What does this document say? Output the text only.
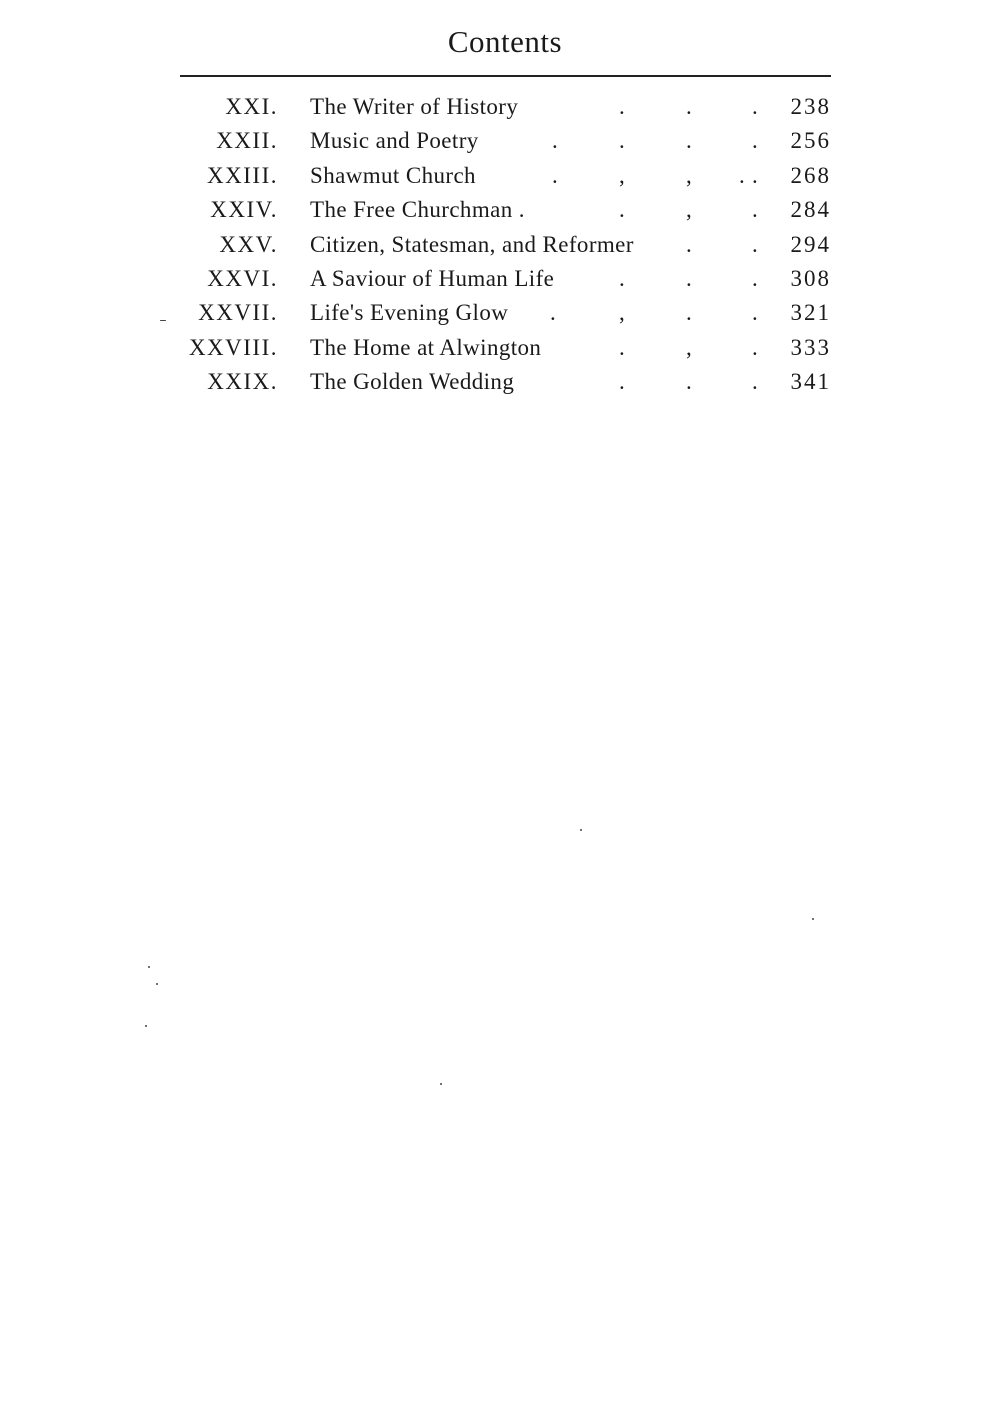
Contents
XXI. The Writer of History	.	.	. 238
XXII. Music and Poetry	.	.	.	. 256
XXIII. Shawmut Church	.	,	, . . 268
XXIV. The Free Churchman .	.	,	. 284
XXV. Citizen, Statesman, and Reformer .	. 294
XXVI. A Saviour of Human Life	.	.	. 308
XXVII. Life's Evening Glow .	,	.	. 321
XXVIII. The Home at Alwington	.	,	. 333
XXIX. The Golden Wedding	.	.	. 341
